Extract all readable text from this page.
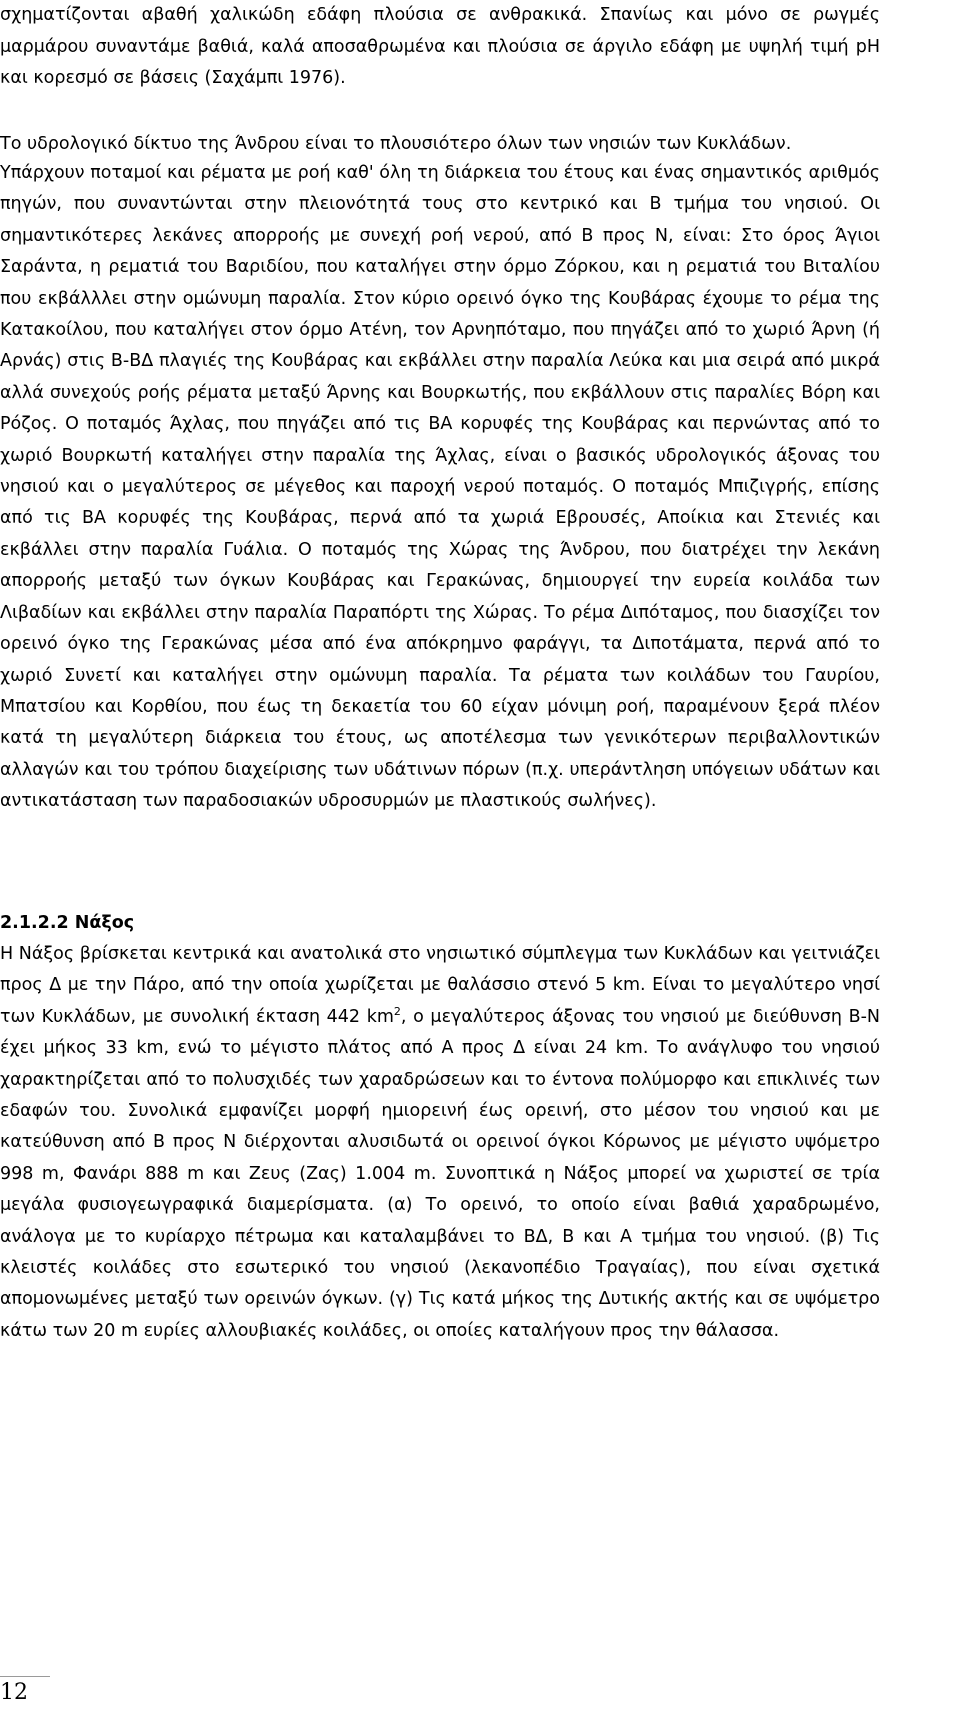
σχηματίζονται αβαθή χαλικώδη εδάφη πλούσια σε ανθρακικά. Σπανίως και μόνο σε ρωγμές μαρμάρου συναντάμε βαθιά, καλά αποσαθρωμένα και πλούσια σε άργιλο εδάφη με υψηλή τιμή pH και κορεσμό σε βάσεις (Σαχάμπι 1976).

Το υδρολογικό δίκτυο της Άνδρου είναι το πλουσιότερο όλων των νησιών των Κυκλάδων.

Υπάρχουν ποταμοί και ρέματα με ροή καθ' όλη τη διάρκεια του έτους και ένας σημαντικός αριθμός πηγών, που συναντώνται στην πλειονότητά τους στο κεντρικό και Β τμήμα του νησιού. Οι σημαντικότερες λεκάνες απορροής με συνεχή ροή νερού, από Β προς Ν, είναι: Στο όρος Άγιοι Σαράντα, η ρεματιά του Βαριδίου, που καταλήγει στην όρμο Ζόρκου, και η ρεματιά του Βιταλίου που εκβάλλλει στην ομώνυμη παραλία. Στον κύριο ορεινό όγκο της Κουβάρας έχουμε το ρέμα της Κατακοίλου, που καταλήγει στον όρμο Ατένη, τον Αρνηπόταμο, που πηγάζει από το χωριό Άρνη (ή Αρνάς) στις Β-ΒΔ πλαγιές της Κουβάρας και εκβάλλει στην παραλία Λεύκα και μια σειρά από μικρά αλλά συνεχούς ροής ρέματα μεταξύ Άρνης και Βουρκωτής, που εκβάλλουν στις παραλίες Βόρη και Ρόζος. Ο ποταμός Άχλας, που πηγάζει από τις ΒΑ κορυφές της Κουβάρας και περνώντας από το χωριό Βουρκωτή καταλήγει στην παραλία της Άχλας, είναι ο βασικός υδρολογικός άξονας του νησιού και ο μεγαλύτερος σε μέγεθος και παροχή νερού ποταμός. Ο ποταμός Μπιζιγρής, επίσης από τις ΒΑ κορυφές της Κουβάρας, περνά από τα χωριά Εβρουσές, Αποίκια και Στενιές και εκβάλλει στην παραλία Γυάλια. Ο ποταμός της Χώρας της Άνδρου, που διατρέχει την λεκάνη απορροής μεταξύ των όγκων Κουβάρας και Γερακώνας, δημιουργεί την ευρεία κοιλάδα των Λιβαδίων και εκβάλλει στην παραλία Παραπόρτι της Χώρας. Το ρέμα Διπόταμος, που διασχίζει τον ορεινό όγκο της Γερακώνας μέσα από ένα απόκρημνο φαράγγι, τα Διποτάματα, περνά από το χωριό Συνετί και καταλήγει στην ομώνυμη παραλία. Τα ρέματα των κοιλάδων του Γαυρίου, Μπατσίου και Κορθίου, που έως τη δεκαετία του 60 είχαν μόνιμη ροή, παραμένουν ξερά πλέον κατά τη μεγαλύτερη διάρκεια του έτους, ως αποτέλεσμα των γενικότερων περιβαλλοντικών αλλαγών και του τρόπου διαχείρισης των υδάτινων πόρων (π.χ. υπεράντληση υπόγειων υδάτων και αντικατάσταση των παραδοσιακών υδροσυρμών με πλαστικούς σωλήνες).

2.1.2.2 Νάξος

Η Νάξος βρίσκεται κεντρικά και ανατολικά στο νησιωτικό σύμπλεγμα των Κυκλάδων και γειτνιάζει προς Δ με την Πάρο, από την οποία χωρίζεται με θαλάσσιο στενό 5 km. Είναι το μεγαλύτερο νησί των Κυκλάδων, με συνολική έκταση 442 $km^2$, ο μεγαλύτερος άξονας του νησιού με διεύθυνση Β-Ν έχει μήκος 33 km, ενώ το μέγιστο πλάτος από Α προς Δ είναι 24 km. Το ανάγλυφο του νησιού χαρακτηρίζεται από το πολυσχιδές των χαραδρώσεων και το έντονα πολύμορφο και επικλινές των εδαφών του. Συνολικά εμφανίζει μορφή ημιορεινή έως ορεινή, στο μέσον του νησιού και με κατεύθυνση από Β προς Ν διέρχονται αλυσιδωτά οι ορεινοί όγκοι Κόρωνος με μέγιστο υψόμετρο 998 m, Φανάρι 888 m και Ζευς (Ζας) 1.004 m. Συνοπτικά η Νάξος μπορεί να χωριστεί σε τρία μεγάλα φυσιογεωγραφικά διαμερίσματα. (α) Το ορεινό, το οποίο είναι βαθιά χαραδρωμένο, ανάλογα με το κυρίαρχο πέτρωμα και καταλαμβάνει το ΒΔ, Β και Α τμήμα του νησιού. (β) Τις κλειστές κοιλάδες στο εσωτερικό του νησιού (λεκανοπέδιο Τραγαίας), που είναι σχετικά απομονωμένες μεταξύ των ορεινών όγκων. (γ) Τις κατά μήκος της Δυτικής ακτής και σε υψόμετρο κάτω των 20 m ευρίες αλλουβιακές κοιλάδες, οι οποίες καταλήγουν προς την θάλασσα.

12
